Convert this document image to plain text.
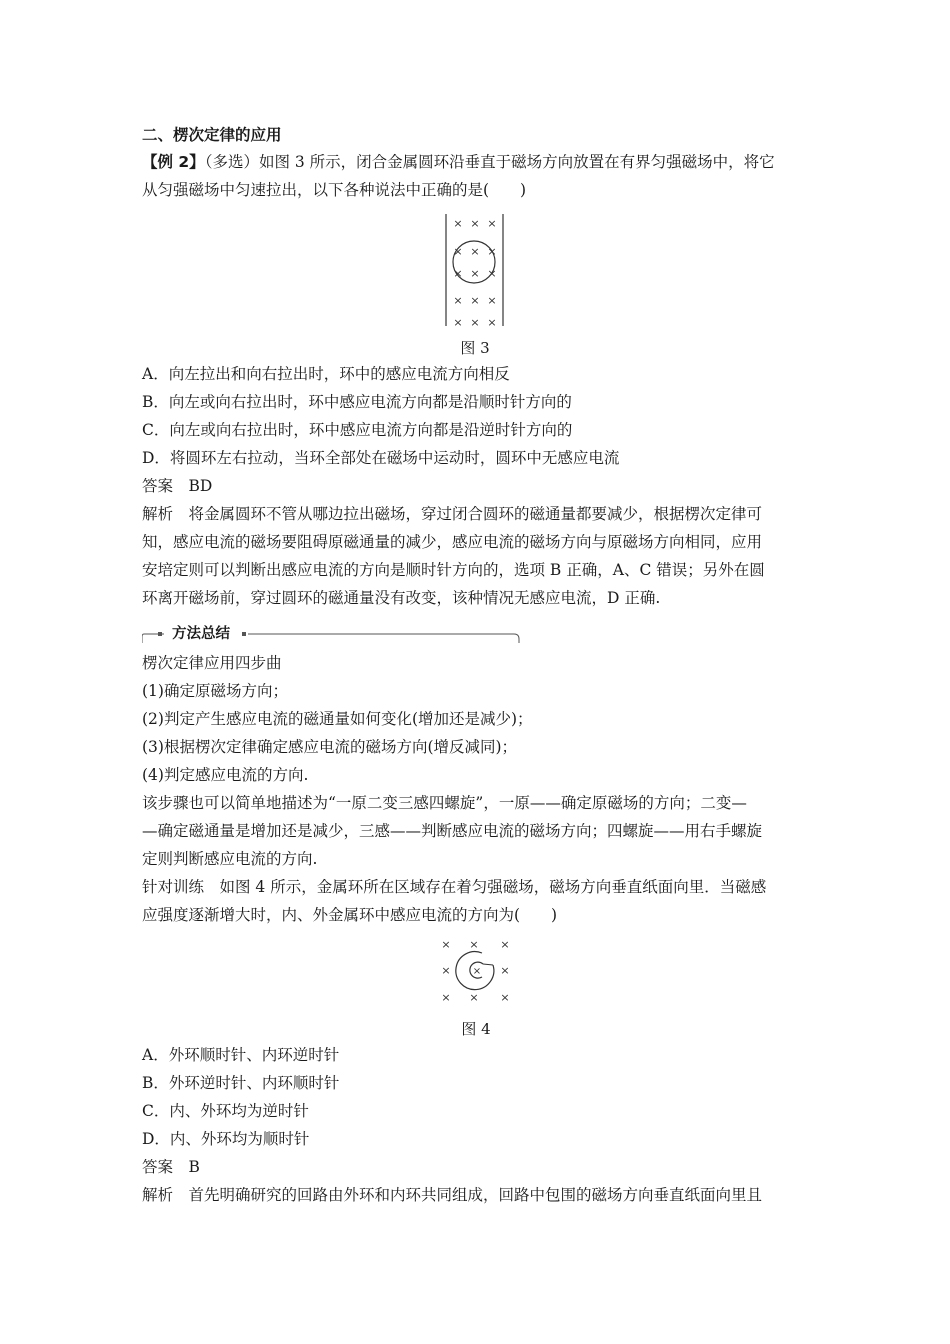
二、楞次定律的应用
【例 2】（多选）如图 3 所示，闭合金属圆环沿垂直于磁场方向放置在有界匀强磁场中，将它
从匀强磁场中匀速拉出，以下各种说法中正确的是(　　)
× × ×
× × ×
× × ×
× × ×
× × ×
图 3
A．向左拉出和向右拉出时，环中的感应电流方向相反
B．向左或向右拉出时，环中感应电流方向都是沿顺时针方向的
C．向左或向右拉出时，环中感应电流方向都是沿逆时针方向的
D．将圆环左右拉动，当环全部处在磁场中运动时，圆环中无感应电流
答案　BD
解析　将金属圆环不管从哪边拉出磁场，穿过闭合圆环的磁通量都要减少，根据楞次定律可
知，感应电流的磁场要阻碍原磁通量的减少，感应电流的磁场方向与原磁场方向相同，应用
安培定则可以判断出感应电流的方向是顺时针方向的，选项 B 正确，A、C 错误；另外在圆
环离开磁场前，穿过圆环的磁通量没有改变，该种情况无感应电流，D 正确.
方法总结
楞次定律应用四步曲
(1)确定原磁场方向；
(2)判定产生感应电流的磁通量如何变化(增加还是减少)；
(3)根据楞次定律确定感应电流的磁场方向(增反减同)；
(4)判定感应电流的方向.
该步骤也可以简单地描述为“一原二变三感四螺旋”，一原——确定原磁场的方向；二变—
—确定磁通量是增加还是减少，三感——判断感应电流的磁场方向；四螺旋——用右手螺旋
定则判断感应电流的方向.
针对训练　如图 4 所示，金属环所在区域存在着匀强磁场，磁场方向垂直纸面向里．当磁感
应强度逐渐增大时，内、外金属环中感应电流的方向为(　　)
× × ×
×	×
× × ×
×
图 4
A．外环顺时针、内环逆时针
B．外环逆时针、内环顺时针
C．内、外环均为逆时针
D．内、外环均为顺时针
答案　B
解析　首先明确研究的回路由外环和内环共同组成，回路中包围的磁场方向垂直纸面向里且
